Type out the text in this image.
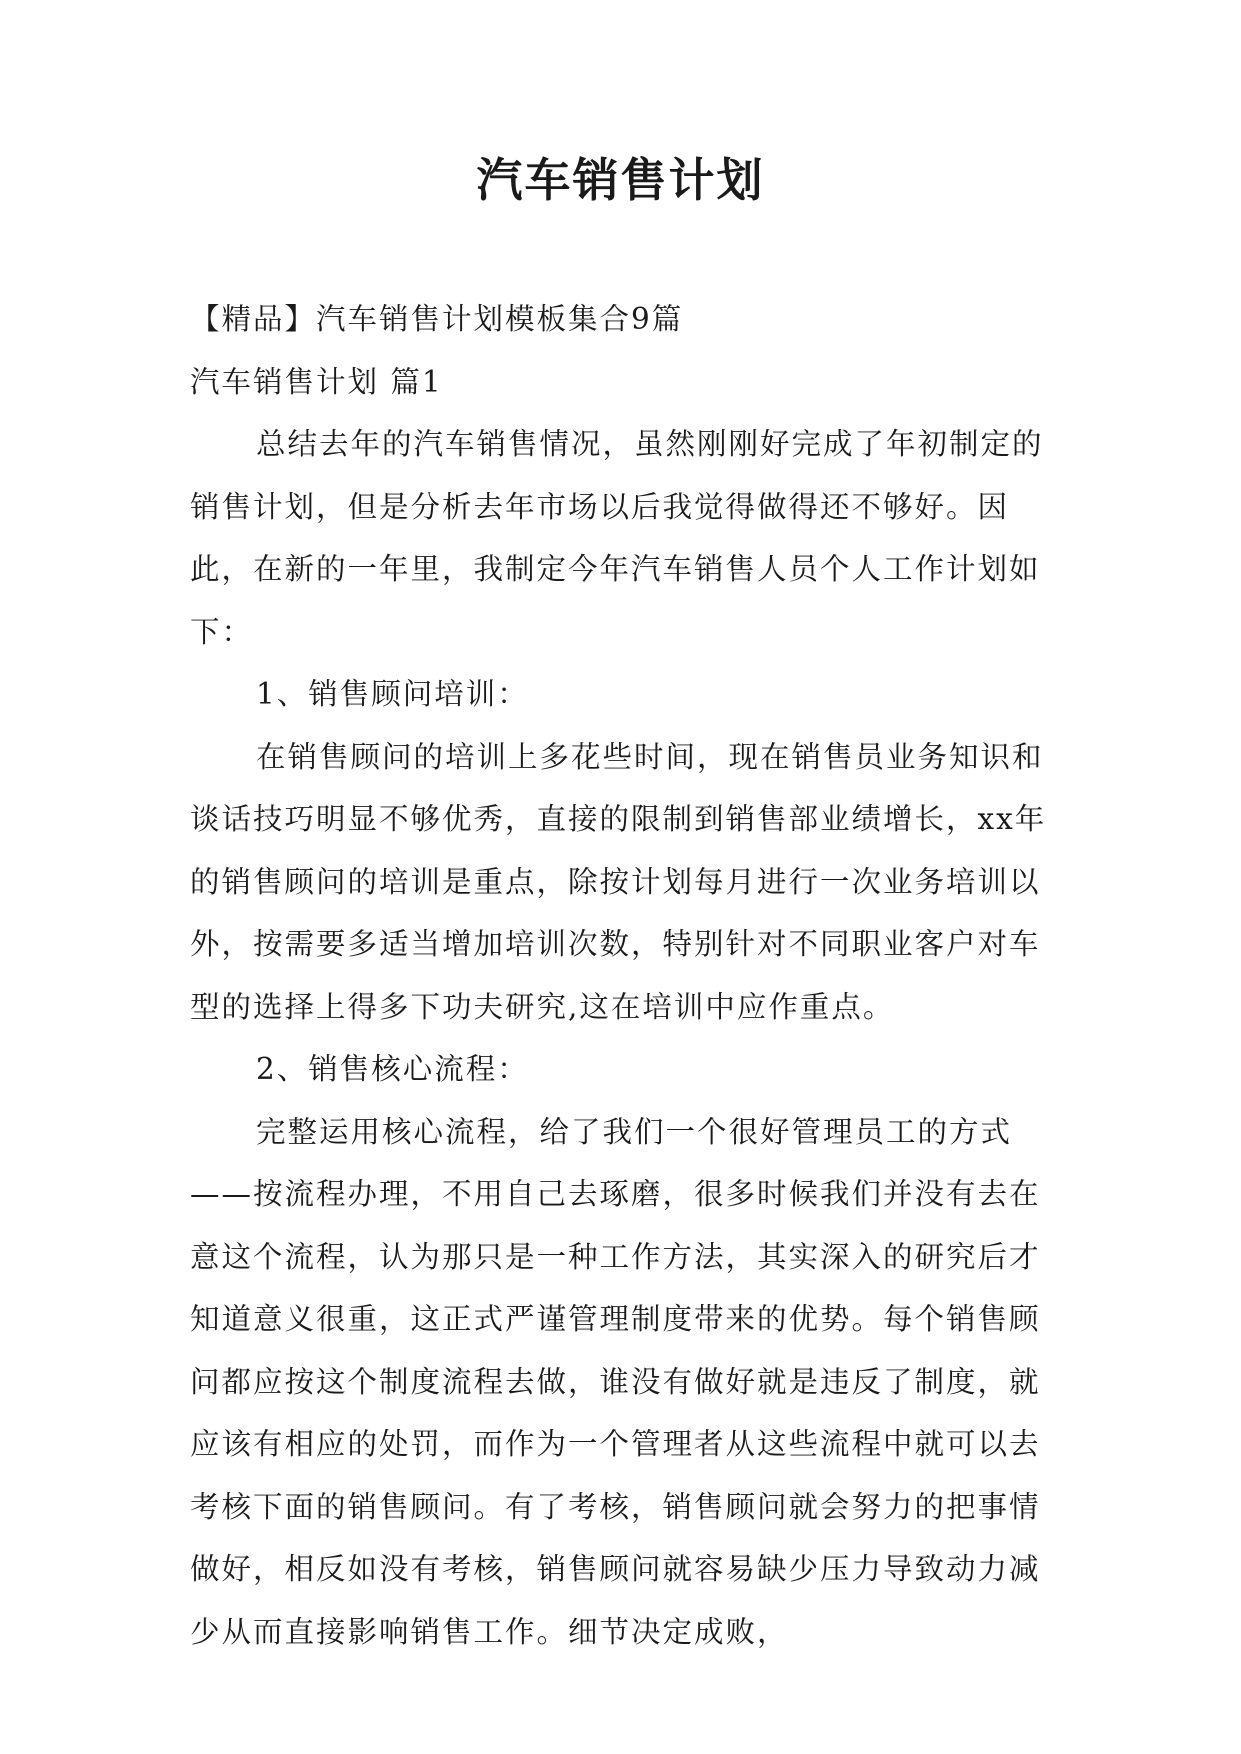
汽车销售计划

【精品】汽车销售计划模板集合9篇

汽车销售计划 篇1

总结去年的汽车销售情况，虽然刚刚好完成了年初制定的销售计划，但是分析去年市场以后我觉得做得还不够好。因此，在新的一年里，我制定今年汽车销售人员个人工作计划如下：

1、销售顾问培训：

在销售顾问的培训上多花些时间，现在销售员业务知识和谈话技巧明显不够优秀，直接的限制到销售部业绩增长，xx年的销售顾问的培训是重点，除按计划每月进行一次业务培训以外，按需要多适当增加培训次数，特别针对不同职业客户对车型的选择上得多下功夫研究,这在培训中应作重点。

2、销售核心流程：

完整运用核心流程，给了我们一个很好管理员工的方式——按流程办理，不用自己去琢磨，很多时候我们并没有去在意这个流程，认为那只是一种工作方法，其实深入的研究后才知道意义很重，这正式严谨管理制度带来的优势。每个销售顾问都应按这个制度流程去做，谁没有做好就是违反了制度，就应该有相应的处罚，而作为一个管理者从这些流程中就可以去考核下面的销售顾问。有了考核，销售顾问就会努力的把事情做好，相反如没有考核，销售顾问就容易缺少压力导致动力减少从而直接影响销售工作。细节决定成败，
